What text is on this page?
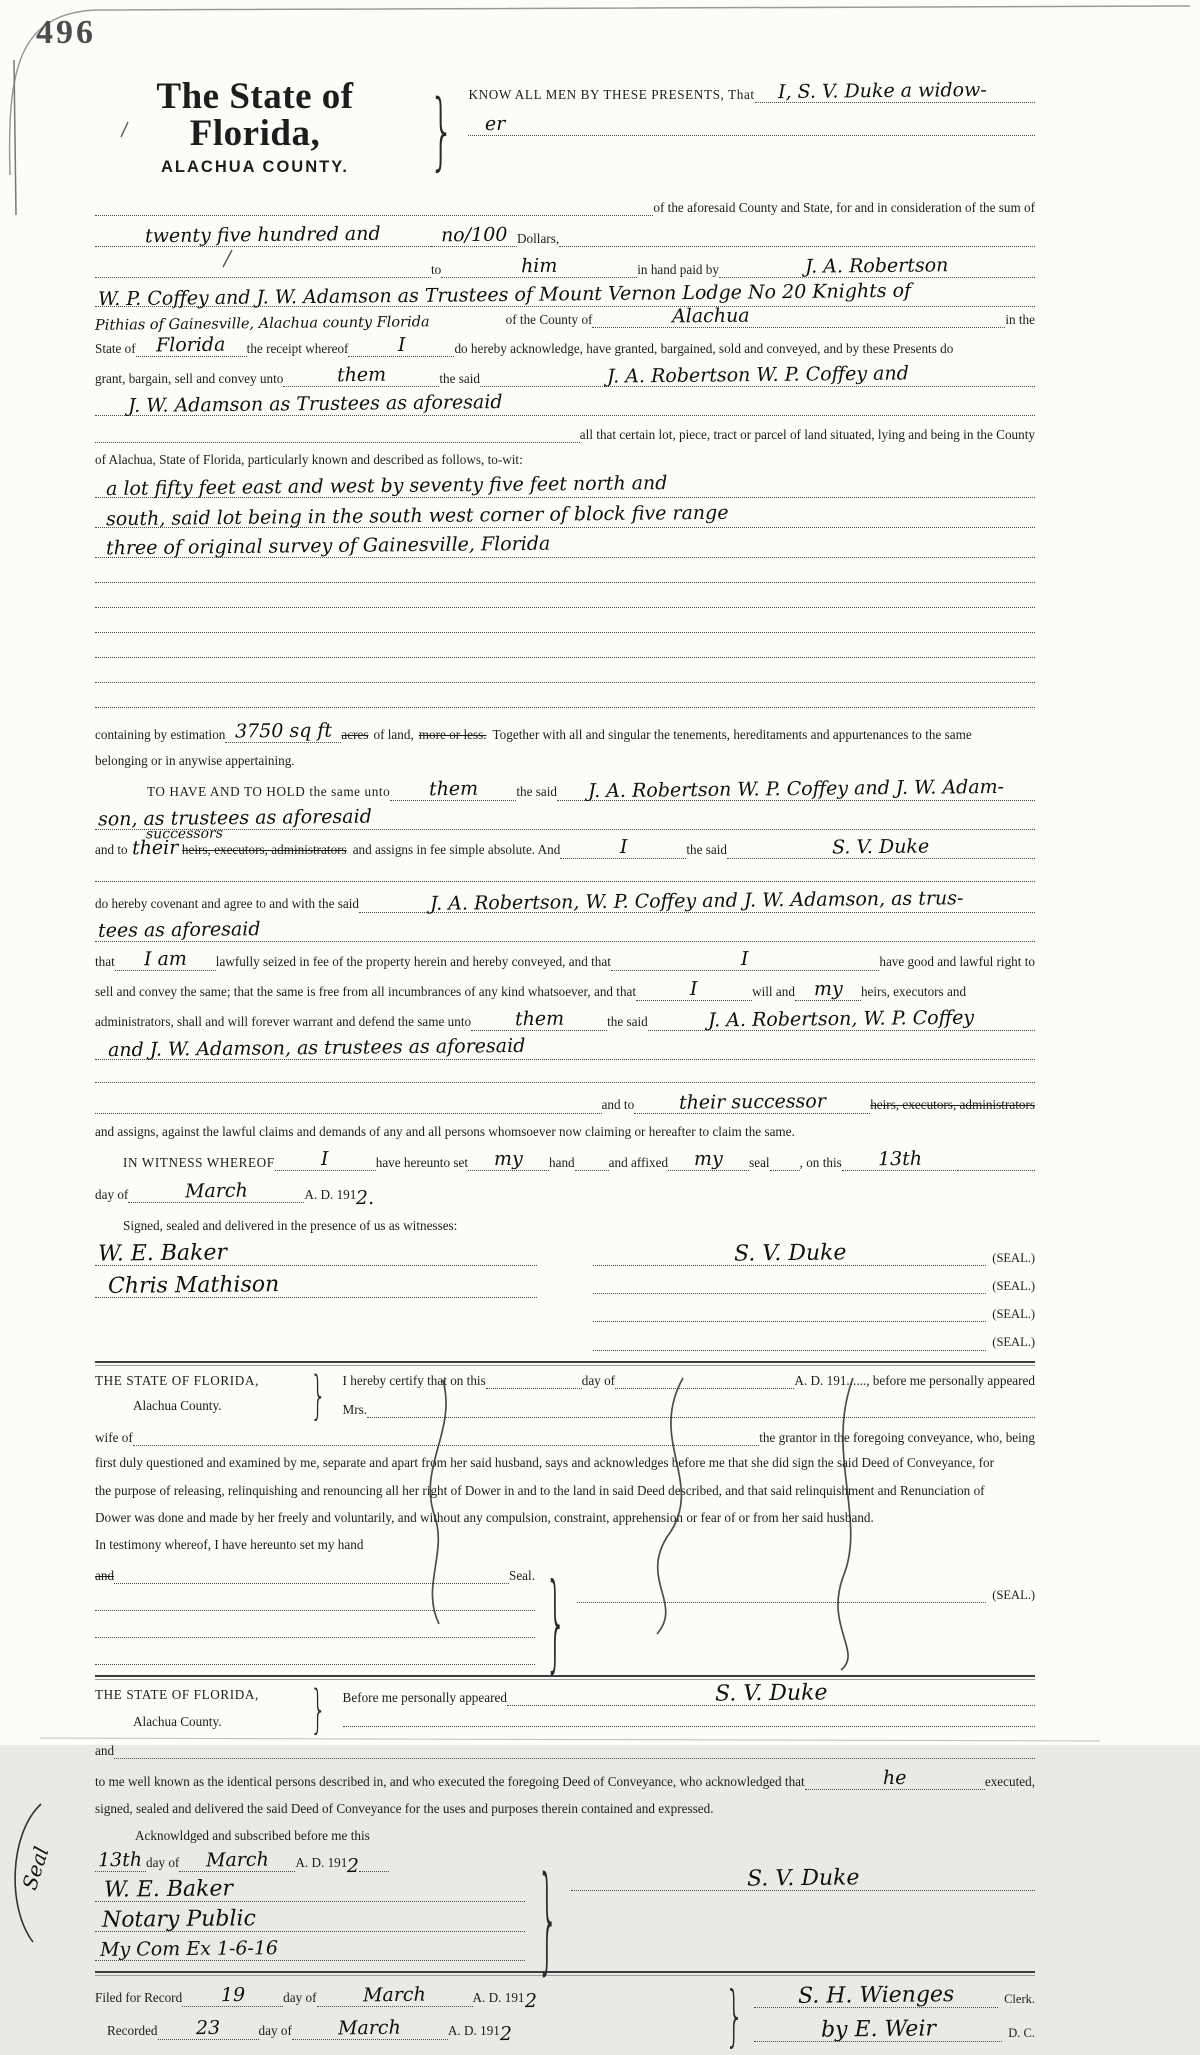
496
The State of Florida,
ALACHUA COUNTY.	} KNOW ALL MEN BY THESE PRESENTS, That	I, S. V. Duke a widow-
er
of the aforesaid County and State, for and in consideration of the sum of
twenty five hundred and	no/100 Dollars,
to	him	in hand paid by	J. A. Robertson
W. P. Coffey and J. W. Adamson as Trustees of Mount Vernon Lodge No 20 Knights of
Pithias of Gainesville, Alachua county Florida	of the County of	Alachua	in the
State of	Florida	the receipt whereof	I	do hereby acknowledge, have granted, bargained, sold and conveyed, and by these Presents do
grant, bargain, sell and convey unto	them	the said	J. A. Robertson W. P. Coffey and
J. W. Adamson as Trustees as aforesaid
all that certain lot, piece, tract or parcel of land situated, lying and being in the County
of Alachua, State of Florida, particularly known and described as follows, to-wit:
a lot fifty feet east and west by seventy five feet north and
south, said lot being in the south west corner of block five range
three of original survey of Gainesville, Florida
containing by estimation 3750 sq ft acres of land, more or less. Together with all and singular the tenements, hereditaments and appurtenances to the same
belonging or in anywise appertaining.
TO HAVE AND TO HOLD the same unto	them	the said	J. A. Robertson W. P. Coffey and J. W. Adam-
son, as trustees as aforesaid
and to
successors
their heirs, executors, administrators and assigns in fee simple absolute. And	I	the said	S. V. Duke
do hereby covenant and agree to and with the said	J. A. Robertson, W. P. Coffey and J. W. Adamson, as trus-
tees as aforesaid
that	I am	lawfully seized in fee of the property herein and hereby conveyed, and that	I	have good and lawful right to
sell and convey the same; that the same is free from all incumbrances of any kind whatsoever, and that	I	will and my	heirs, executors and
administrators, shall and will forever warrant and defend the same unto	them	the said	J. A. Robertson, W. P. Coffey
and J. W. Adamson, as trustees as aforesaid
and to	their successor	heirs, executors, administrators
and assigns, against the lawful claims and demands of any and all persons whomsoever now claiming or hereafter to claim the same.
IN WITNESS WHEREOF	I	have hereunto set	my	hand	and affixed	my	seal , on this	13th
day of	March	A. D. 191 2.
Signed, sealed and delivered in the presence of us as witnesses:
W. E. Baker
Chris Mathison
S. V. Duke	(SEAL.)
(SEAL.)
(SEAL.)
(SEAL.)
THE STATE OF FLORIDA,
Alachua County.	} I hereby certify that on this	day of	A. D. 191......, before me personally appeared
Mrs.
wife of	the grantor in the foregoing conveyance, who, being
first duly questioned and examined by me, separate and apart from her said husband, says and acknowledges before me that she did sign the said Deed of Conveyance, for
the purpose of releasing, relinquishing and renouncing all her right of Dower in and to the land in said Deed described, and that said relinquishment and Renunciation of
Dower was done and made by her freely and voluntarily, and without any compulsion, constraint, apprehension or fear of or from her said husband.
In testimony whereof, I have hereunto set my hand
and	Seal. }	(SEAL.)
Seal
THE STATE OF FLORIDA,
Alachua County.	} Before me personally appeared	S. V. Duke
and
to me well known as the identical persons described in, and who executed the foregoing Deed of Conveyance, who acknowledged that	he	executed,
signed, sealed and delivered the said Deed of Conveyance for the uses and purposes therein contained and expressed.
Acknowldged and subscribed before me this
13th day of	March	A. D. 191 2
W. E. Baker
Notary Public
My Com Ex 1-6-16	}	S. V. Duke
Filed for Record	19	day of	March	A. D. 191 2
Recorded	23	day of	March	A. D. 191 2	}	S. H. Wienges	Clerk.
by E. Weir	D. C.
